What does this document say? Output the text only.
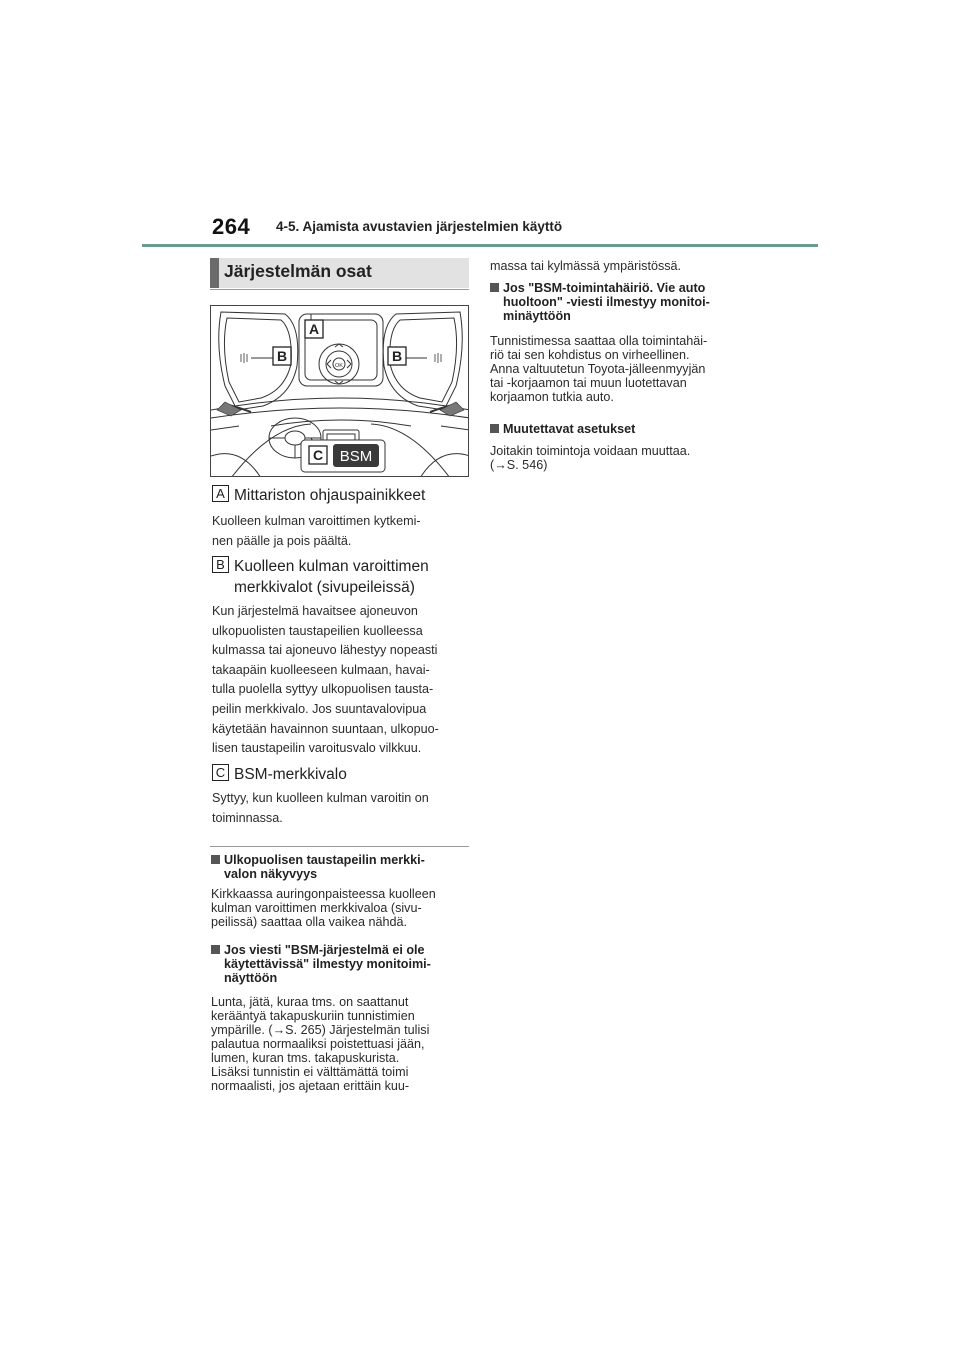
264 4-5. Ajamista avustavien järjestelmien käyttö
Järjestelmän osat
A
B	B
C BSM
OK
A Mittariston ohjauspainikkeet
Kuolleen kulman varoittimen kytkemi-
nen päälle ja pois päältä.
B Kuolleen kulman varoittimen
merkkivalot (sivupeileissä)
Kun järjestelmä havaitsee ajoneuvon
ulkopuolisten taustapeilien kuolleessa
kulmassa tai ajoneuvo lähestyy nopeasti
takaapäin kuolleeseen kulmaan, havai-
tulla puolella syttyy ulkopuolisen tausta-
peilin merkkivalo. Jos suuntavalovipua
käytetään havainnon suuntaan, ulkopuo-
lisen taustapeilin varoitusvalo vilkkuu.
C BSM-merkkivalo
Syttyy, kun kuolleen kulman varoitin on
toiminnassa.
Ulkopuolisen taustapeilin merkki-
valon näkyvyys
Kirkkaassa auringonpaisteessa kuolleen
kulman varoittimen merkkivaloa (sivu-
peilissä) saattaa olla vaikea nähdä.
Jos viesti "BSM-järjestelmä ei ole
käytettävissä" ilmestyy monitoimi-
näyttöön
Lunta, jätä, kuraa tms. on saattanut
kerääntyä takapuskuriin tunnistimien
ympärille. (→S. 265) Järjestelmän tulisi
palautua normaaliksi poistettuasi jään,
lumen, kuran tms. takapuskurista.
Lisäksi tunnistin ei välttämättä toimi
normaalisti, jos ajetaan erittäin kuu-
massa tai kylmässä ympäristössä.
Jos "BSM-toimintahäiriö. Vie auto
huoltoon" -viesti ilmestyy monitoi-
minäyttöön
Tunnistimessa saattaa olla toimintahäi-
riö tai sen kohdistus on virheellinen.
Anna valtuutetun Toyota-jälleenmyyjän
tai -korjaamon tai muun luotettavan
korjaamon tutkia auto.
Muutettavat asetukset
Joitakin toimintoja voidaan muuttaa.
(→S. 546)
